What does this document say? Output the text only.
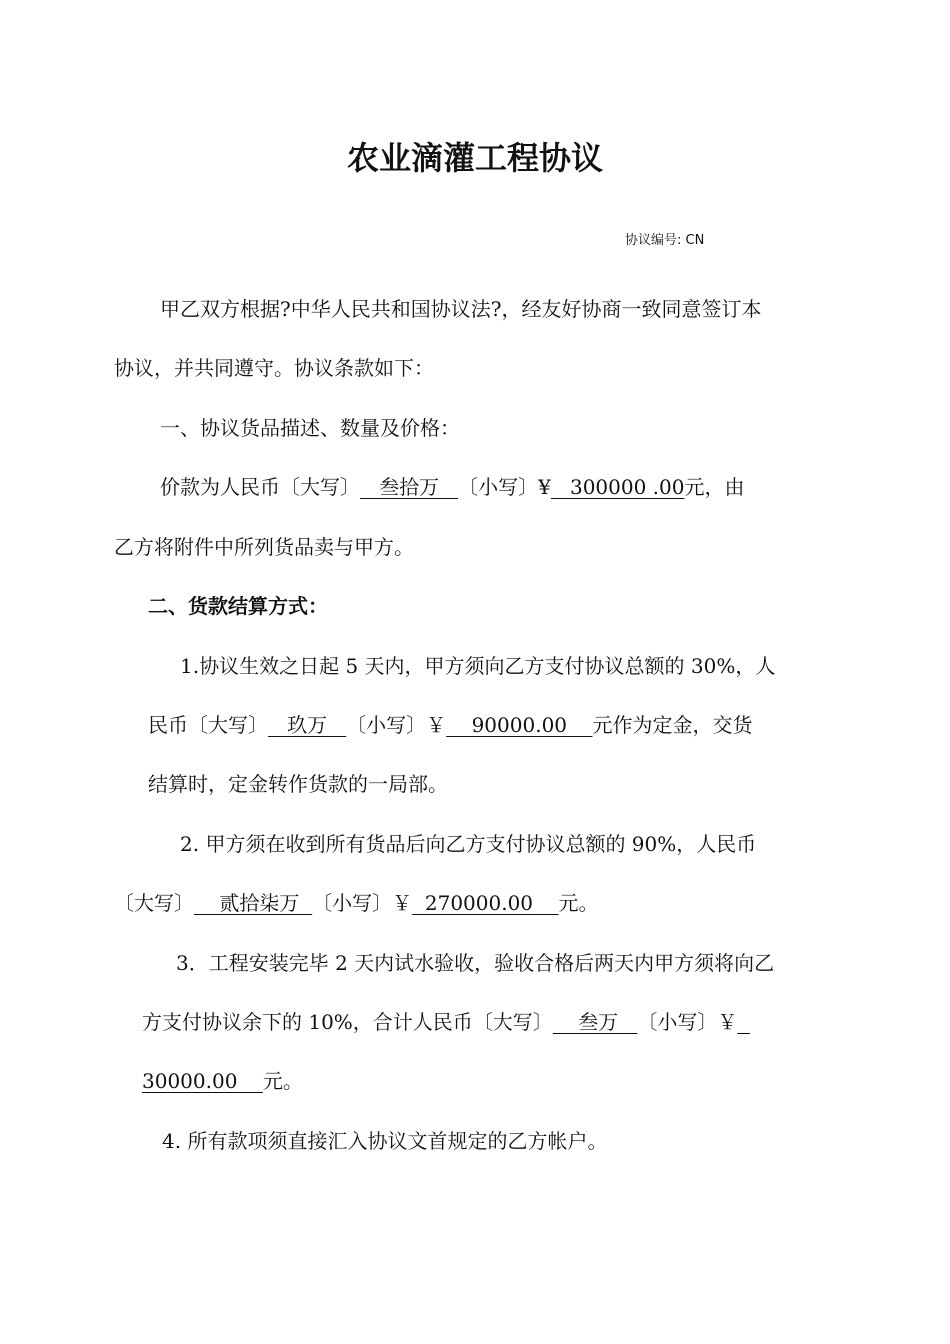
农业滴灌工程协议
协议编号: CN
甲乙双方根据?中华人民共和国协议法?，经友好协商一致同意签订本
协议，并共同遵守。协议条款如下：
一、协议货品描述、数量及价格：
价款为人民币〔大写〕   叁拾万   〔小写〕¥   300000 .00元，由
乙方将附件中所列货品卖与甲方。
二、货款结算方式：
1.协议生效之日起 5 天内，甲方须向乙方支付协议总额的 30%，人
民币〔大写〕   玖万   〔小写〕￥    90000.00    元作为定金，交货
结算时，定金转作货款的一局部。
2. 甲方须在收到所有货品后向乙方支付协议总额的 90%，人民币
〔大写〕    贰拾柒万  〔小写〕￥  270000.00    元。
3．工程安装完毕 2 天内试水验收，验收合格后两天内甲方须将向乙
方支付协议余下的 10%，合计人民币〔大写〕    叁万   〔小写〕￥
30000.00    元。
4. 所有款项须直接汇入协议文首规定的乙方帐户。
